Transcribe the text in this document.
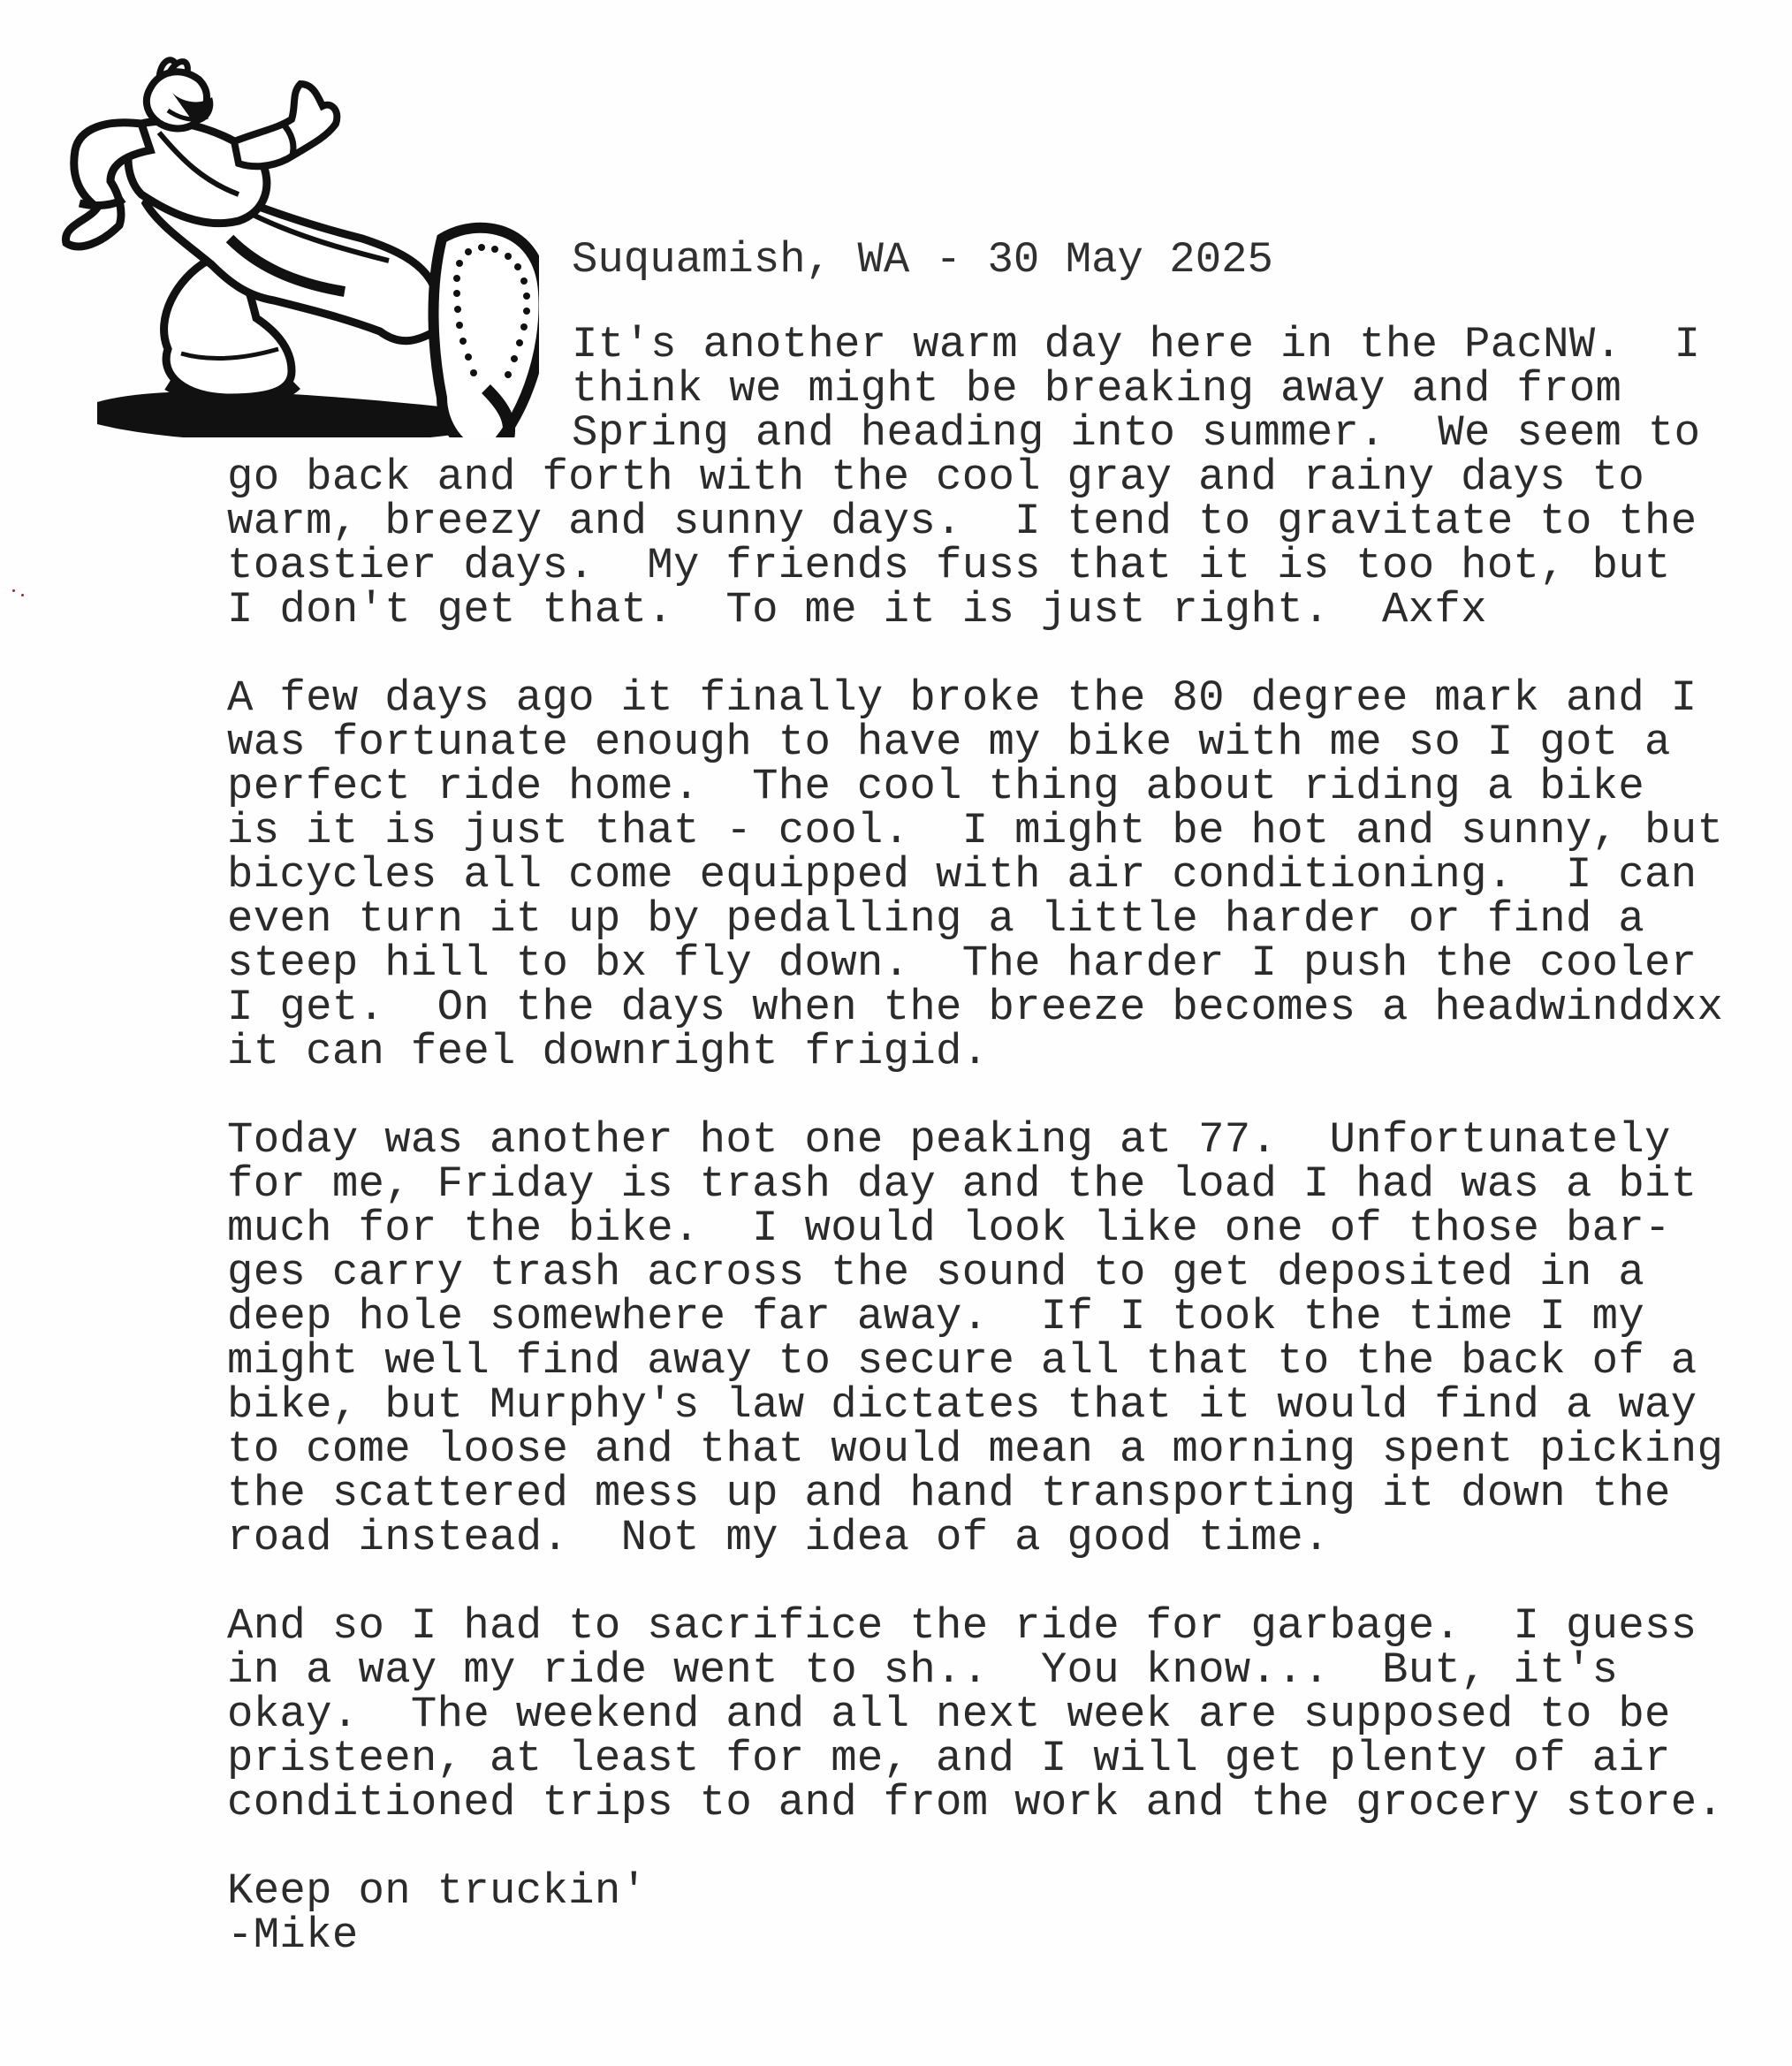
Suquamish, WA - 30 May 2025
It's another warm day here in the PacNW.  I
think we might be breaking away and from
Spring and heading into summer.  We seem to
go back and forth with the cool gray and rainy days to
warm, breezy and sunny days.  I tend to gravitate to the
toastier days.  My friends fuss that it is too hot, but
I don't get that.  To me it is just right.  Axfx
A few days ago it finally broke the 80 degree mark and I
was fortunate enough to have my bike with me so I got a
perfect ride home.  The cool thing about riding a bike
is it is just that - cool.  I might be hot and sunny, but
bicycles all come equipped with air conditioning.  I can
even turn it up by pedalling a little harder or find a
steep hill to bx fly down.  The harder I push the cooler
I get.  On the days when the breeze becomes a headwinddxx
it can feel downright frigid.
Today was another hot one peaking at 77.  Unfortunately
for me, Friday is trash day and the load I had was a bit
much for the bike.  I would look like one of those bar-
ges carry trash across the sound to get deposited in a
deep hole somewhere far away.  If I took the time I my
might well find away to secure all that to the back of a
bike, but Murphy's law dictates that it would find a way
to come loose and that would mean a morning spent picking
the scattered mess up and hand transporting it down the
road instead.  Not my idea of a good time.
And so I had to sacrifice the ride for garbage.  I guess
in a way my ride went to sh..  You know...  But, it's
okay.  The weekend and all next week are supposed to be
pristeen, at least for me, and I will get plenty of air
conditioned trips to and from work and the grocery store.
Keep on truckin'
-Mike
